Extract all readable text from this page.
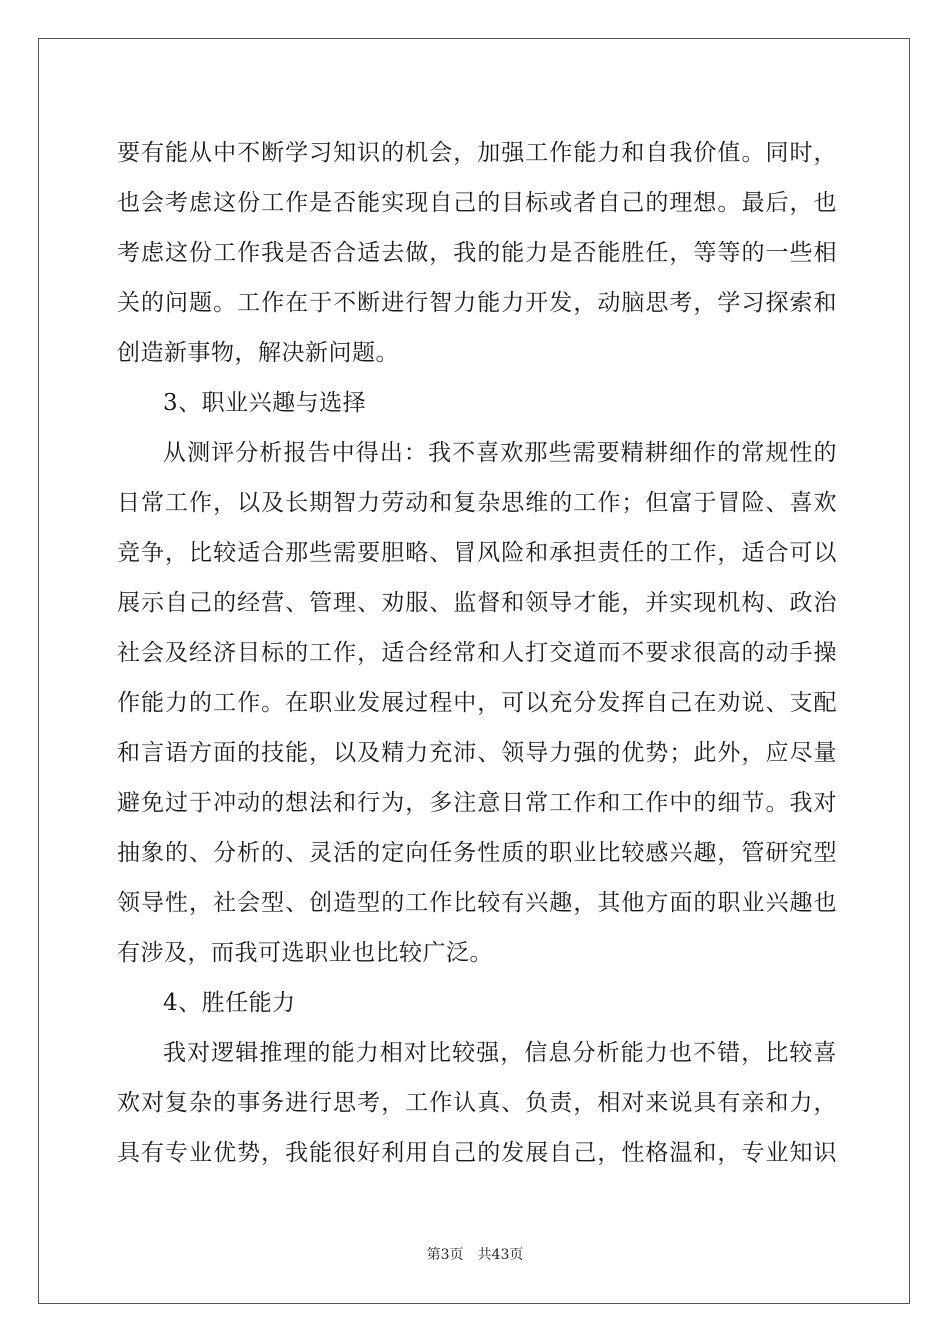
要有能从中不断学习知识的机会，加强工作能力和自我价值。同时，
也会考虑这份工作是否能实现自己的目标或者自己的理想。最后，也
考虑这份工作我是否合适去做，我的能力是否能胜任，等等的一些相
关的问题。工作在于不断进行智力能力开发，动脑思考，学习探索和
创造新事物，解决新问题。
3、职业兴趣与选择
从测评分析报告中得出：我不喜欢那些需要精耕细作的常规性的
日常工作，以及长期智力劳动和复杂思维的工作；但富于冒险、喜欢
竞争，比较适合那些需要胆略、冒风险和承担责任的工作，适合可以
展示自己的经营、管理、劝服、监督和领导才能，并实现机构、政治
社会及经济目标的工作，适合经常和人打交道而不要求很高的动手操
作能力的工作。在职业发展过程中，可以充分发挥自己在劝说、支配
和言语方面的技能，以及精力充沛、领导力强的优势；此外，应尽量
避免过于冲动的想法和行为，多注意日常工作和工作中的细节。我对
抽象的、分析的、灵活的定向任务性质的职业比较感兴趣，管研究型
领导性，社会型、创造型的工作比较有兴趣，其他方面的职业兴趣也
有涉及，而我可选职业也比较广泛。
4、胜任能力
我对逻辑推理的能力相对比较强，信息分析能力也不错，比较喜
欢对复杂的事务进行思考，工作认真、负责，相对来说具有亲和力，
具有专业优势，我能很好利用自己的发展自己，性格温和，专业知识
第3页 共43页
